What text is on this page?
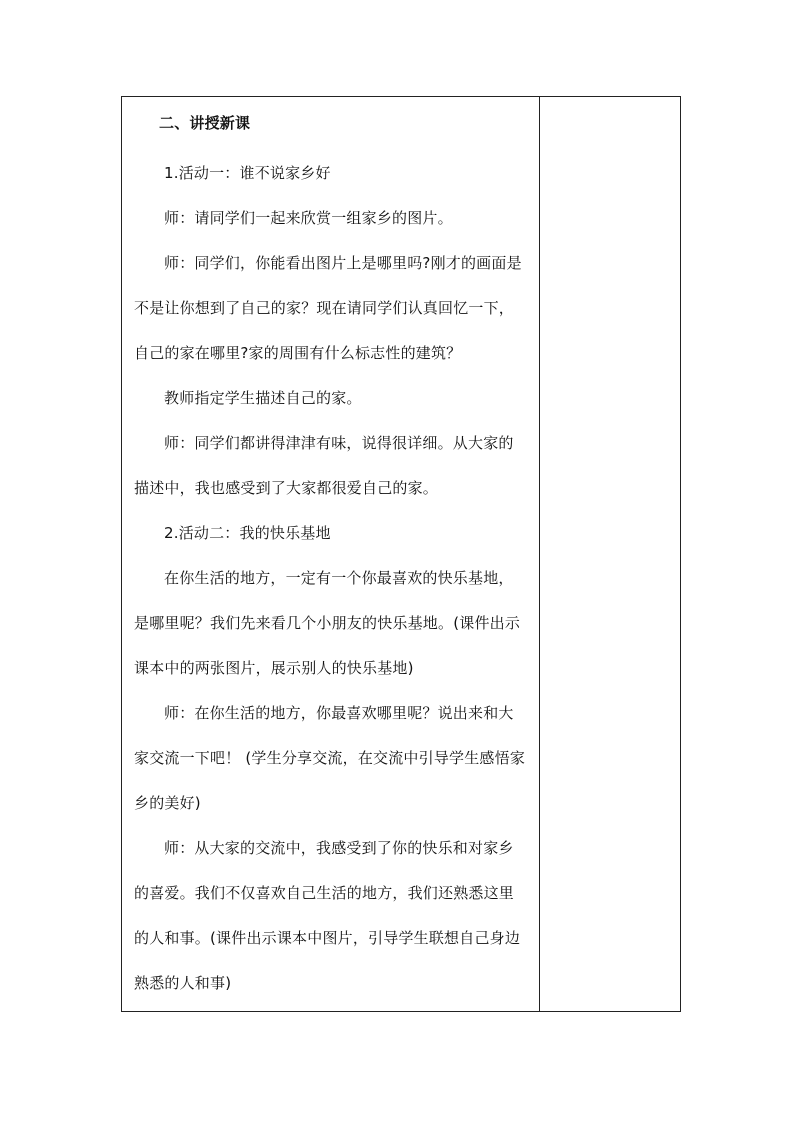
二、讲授新课

1.活动一：谁不说家乡好

师：请同学们一起来欣赏一组家乡的图片。

师：同学们，你能看出图片上是哪里吗?刚才的画面是不是让你想到了自己的家？现在请同学们认真回忆一下，自己的家在哪里?家的周围有什么标志性的建筑？

教师指定学生描述自己的家。

师：同学们都讲得津津有味，说得很详细。从大家的描述中，我也感受到了大家都很爱自己的家。

2.活动二：我的快乐基地

在你生活的地方，一定有一个你最喜欢的快乐基地，是哪里呢？我们先来看几个小朋友的快乐基地。(课件出示课本中的两张图片，展示别人的快乐基地)

师：在你生活的地方，你最喜欢哪里呢？说出来和大家交流一下吧！ (学生分享交流，在交流中引导学生感悟家乡的美好)

师：从大家的交流中，我感受到了你的快乐和对家乡的喜爱。我们不仅喜欢自己生活的地方，我们还熟悉这里的人和事。(课件出示课本中图片，引导学生联想自己身边熟悉的人和事)
